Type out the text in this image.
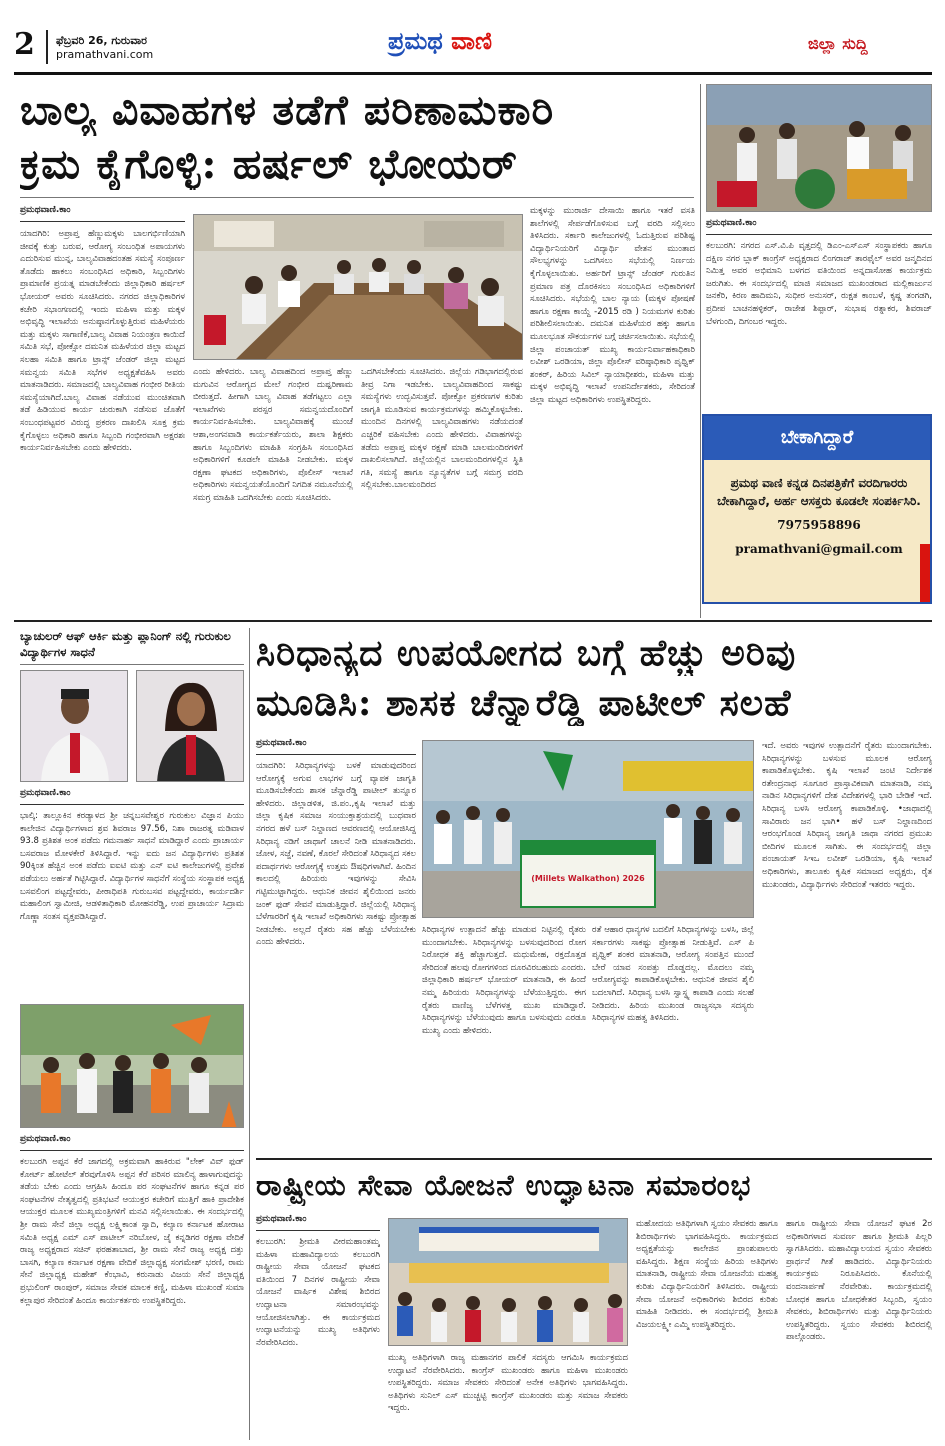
2 ಫೆಬ್ರವರಿ 26, ಗುರುವಾರ
pramathvani.com	ಪ್ರಮಥ ವಾಣಿ	ಜಿಲ್ಲಾ ಸುದ್ದಿ
ಬಾಲ್ಯ ವಿವಾಹಗಳ ತಡೆಗೆ ಪರಿಣಾಮಕಾರಿ
ಕ್ರಮ ಕೈಗೊಳ್ಳಿ: ಹರ್ಷಲ್ ಭೋಯರ್
ಪ್ರಮಥವಾಣಿ.ಕಾಂ
ಯಾದಗಿರಿ: ಅಪ್ರಾಪ್ತ ಹೆಣ್ಣುಮಕ್ಕಳು ಬಾಲಗರ್ಭಿಣಿಯಾಗಿ ಜೀವಕ್ಕೆ ಕುತ್ತು ಬರುವ, ಆರೋಗ್ಯ ಸಂಬಂಧಿತ ಅಪಾಯಗಳು ಎದುರಿಸುವ ಮುನ್ನ, ಬಾಲ್ಯವಿವಾಹದಂತಹ ಸಮಸ್ಯೆ ಸಂಪೂರ್ಣ ತೊಡೆದು ಹಾಕಲು ಸಂಬಂಧಿಸಿದ ಅಧಿಕಾರಿ, ಸಿಬ್ಬಂದಿಗಳು ಪ್ರಾಮಾಣಿಕ ಪ್ರಯತ್ನ ಮಾಡಬೇಕೆಂದು ಜಿಲ್ಲಾಧಿಕಾರಿ ಹರ್ಷಲ್ ಭೋಯರ್ ಅವರು ಸೂಚಿಸಿದರು. ನಗರದ ಜಿಲ್ಲಾಧಿಕಾರಿಗಳ ಕಚೇರಿ ಸಭಾಂಗಣದಲ್ಲಿ ಇಂದು ಮಹಿಳಾ ಮತ್ತು ಮಕ್ಕಳ ಅಭಿವೃದ್ಧಿ ಇಲಾಖೆಯ ಅನುಷ್ಠಾನಗೊಳ್ಳುತ್ತಿರುವ ಮಹಿಳೆಯರು ಮತ್ತು ಮಕ್ಕಳು ಸಾಗಾಣಿಕೆ,ಬಾಲ್ಯ ವಿವಾಹ ನಿಯಂತ್ರಣ ಕಾಯಿದೆ ಸಮಿತಿ ಸಭೆ, ಪೋಕ್ಸೋ ದಮನಿತ ಮಹಿಳೆಯರ ಜಿಲ್ಲಾ ಮಟ್ಟದ ಸಲಹಾ ಸಮಿತಿ ಹಾಗೂ ಟ್ರಾನ್ಸ್ ಜೆಂಡರ್ ಜಿಲ್ಲಾ ಮಟ್ಟದ ಸಮನ್ವಯ ಸಮಿತಿ ಸಭೆಗಳ ಅಧ್ಯಕ್ಷತೆವಹಿಸಿ ಅವರು ಮಾತನಾಡಿದರು. ಸಮಾಜದಲ್ಲಿ ಬಾಲ್ಯವಿವಾಹ ಗಂಭೀರ ರೀತಿಯ ಸಮಸ್ಯೆಯಾಗಿದೆ.ಬಾಲ್ಯ ವಿವಾಹ ನಡೆಯುವ ಮುಂಚಿತವಾಗಿ ತಡೆ ಹಿಡಿಯುವ ಕಾರ್ಯ ಚುರುಕಾಗಿ ನಡೆಸುವ ಜೊತೆಗೆ ಸಂಬಂಧಪಟ್ಟವರ ವಿರುದ್ಧ ಪ್ರಕರಣ ದಾಖಲಿಸಿ ಸೂಕ್ತ ಕ್ರಮ ಕೈಗೊಳ್ಳಲು ಅಧಿಕಾರಿ ಹಾಗೂ ಸಿಬ್ಬಂದಿ ಗಂಭೀರವಾಗಿ ಅಕ್ಷರಶಃ ಕಾರ್ಯನಿರ್ವಹಿಸಬೇಕು ಎಂದು ಹೇಳಿದರು.
ಎಂದು ಹೇಳಿದರು. ಬಾಲ್ಯ ವಿವಾಹದಿಂದ ಅಪ್ರಾಪ್ತ ಹೆಣ್ಣು ಮಗುವಿನ ಆರೋಗ್ಯದ ಮೇಲೆ ಗಂಭೀರ ದುಷ್ಪರಿಣಾಮ ಬೀರುತ್ತದೆ. ಹೀಗಾಗಿ ಬಾಲ್ಯ ವಿವಾಹ ತಡೆಗಟ್ಟಲು ಎಲ್ಲಾ ಇಲಾಖೆಗಳು ಪರಸ್ಪರ ಸಮನ್ವಯದೊಂದಿಗೆ ಕಾರ್ಯನಿರ್ವಹಿಸಬೇಕು. ಬಾಲ್ಯವಿವಾಹಕ್ಕೆ ಮುಂಚೆ ಆಶಾ,ಅಂಗನವಾಡಿ ಕಾರ್ಯಕರ್ತೆಯರು, ಶಾಲಾ ಶಿಕ್ಷಕರು ಹಾಗೂ ಸಿಬ್ಬಂದಿಗಳು ಮಾಹಿತಿ ಸಂಗ್ರಹಿಸಿ ಸಂಬಂಧಿಸಿದ ಅಧಿಕಾರಿಗಳಿಗೆ ಕೂಡಲೇ ಮಾಹಿತಿ ನೀಡಬೇಕು. ಮಕ್ಕಳ ರಕ್ಷಣಾ ಘಟಕದ ಅಧಿಕಾರಿಗಳು, ಪೊಲೀಸ್ ಇಲಾಖೆ ಅಧಿಕಾರಿಗಳು ಸಮನ್ವಯತೆಯೊಂದಿಗೆ ನಿಗದಿತ ನಮೂನೆಯಲ್ಲಿ ಸಮಗ್ರ ಮಾಹಿತಿ ಒದಗಿಸಬೇಕು ಎಂದು ಸೂಚಿಸಿದರು.
ಒದಗಿಸಬೇಕೆಂದು ಸೂಚಿಸಿದರು. ಜಿಲ್ಲೆಯ ಗಡಿಭಾಗದಲ್ಲಿರುವ ತೀವ್ರ ನಿಗಾ ಇಡಬೇಕು. ಬಾಲ್ಯವಿವಾಹದಿಂದ ಸಾಕಷ್ಟು ಸಮಸ್ಯೆಗಳು ಉದ್ಭವಿಸುತ್ತವೆ. ಪೋಕ್ಸೋ ಪ್ರಕರಣಗಳ ಕುರಿತು ಜಾಗೃತಿ ಮೂಡಿಸುವ ಕಾರ್ಯಕ್ರಮಗಳನ್ನು ಹಮ್ಮಿಕೊಳ್ಳಬೇಕು. ಮುಂದಿನ ದಿನಗಳಲ್ಲಿ ಬಾಲ್ಯವಿವಾಹಗಳು ನಡೆಯದಂತೆ ಎಚ್ಚರಿಕೆ ವಹಿಸಬೇಕು ಎಂದು ಹೇಳಿದರು. ವಿವಾಹಗಳನ್ನು ತಡೆದು ಅಪ್ರಾಪ್ತ ಮಕ್ಕಳ ರಕ್ಷಣೆ ಮಾಡಿ ಬಾಲಮಂದಿರಗಳಿಗೆ ದಾಖಲಿಸಲಾಗಿದೆ. ಜಿಲ್ಲೆಯಲ್ಲಿನ ಬಾಲಮಂದಿರಗಳಲ್ಲಿನ ಸ್ಥಿತಿ ಗತಿ, ಸಮಸ್ಯೆ ಹಾಗೂ ನ್ಯೂನ್ಯತೆಗಳ ಬಗ್ಗೆ ಸಮಗ್ರ ವರದಿ ಸಲ್ಲಿಸಬೇಕು.ಬಾಲಮಂದಿರದ
ಮಕ್ಕಳನ್ನು ಮುರಾರ್ಜಿ ದೇಸಾಯಿ ಹಾಗೂ ಇತರೆ ವಸತಿ ಶಾಲೆಗಳಲ್ಲಿ ಸೇರ್ಪಡೆಗೊಳಿಸುವ ಬಗ್ಗೆ ವರದಿ ಸಲ್ಲಿಸಲು ತಿಳಿಸಿದರು. ಸರ್ಕಾರಿ ಕಾಲೇಜುಗಳಲ್ಲಿ ಓದುತ್ತಿರುವ ಪರಿಶಿಷ್ಟ ವಿದ್ಯಾರ್ಥಿನಿಯರಿಗೆ ವಿದ್ಯಾರ್ಥಿ ವೇತನ ಮುಂತಾದ ಸೌಲಭ್ಯಗಳನ್ನು ಒದಗಿಸಲು ಸಭೆಯಲ್ಲಿ ನಿರ್ಣಯ ಕೈಗೊಳ್ಳಲಾಯಿತು. ಅರ್ಹರಿಗೆ ಟ್ರಾನ್ಸ್ ಜೆಂಡರ್ ಗುರುತಿನ ಪ್ರಮಾಣ ಪತ್ರ ದೊರಕಿಸಲು ಸಂಬಂಧಿಸಿದ ಅಧಿಕಾರಿಗಳಿಗೆ ಸೂಚಿಸಿದರು. ಸಭೆಯಲ್ಲಿ ಬಾಲ ನ್ಯಾಯ (ಮಕ್ಕಳ ಪೋಷಣೆ ಹಾಗೂ ರಕ್ಷಣಾ ಕಾಯ್ದೆ -2015 ರಡಿ ) ನಿಯಮಗಳ ಕುರಿತು ಪರಿಶೀಲಿಸಲಾಯಿತು. ದಮನಿತ ಮಹಿಳೆಯರ ಹಕ್ಕು ಹಾಗೂ ಮೂಲಭೂತ ಸೌಕರ್ಯಗಳ ಬಗ್ಗೆ ಚರ್ಚಿಸಲಾಯಿತು. ಸಭೆಯಲ್ಲಿ ಜಿಲ್ಲಾ ಪಂಚಾಯತ್ ಮುಖ್ಯ ಕಾರ್ಯನಿರ್ವಾಹಕಾಧಿಕಾರಿ ಲವೀಶ್ ಒರಡಿಯಾ, ಜಿಲ್ಲಾ ಪೊಲೀಸ್ ವರಿಷ್ಠಾಧಿಕಾರಿ ಪೃಥ್ವಿಕ್ ಶಂಕರ್, ಹಿರಿಯ ಸಿವಿಲ್ ನ್ಯಾಯಾಧೀಶರು, ಮಹಿಳಾ ಮತ್ತು ಮಕ್ಕಳ ಅಭಿವೃದ್ಧಿ ಇಲಾಖೆ ಉಪನಿರ್ದೇಶಕರು, ಸೇರಿದಂತೆ ಜಿಲ್ಲಾ ಮಟ್ಟದ ಅಧಿಕಾರಿಗಳು ಉಪಸ್ಥಿತರಿದ್ದರು.
ಪ್ರಮಥವಾಣಿ.ಕಾಂ
ಕಲಬುರಗಿ: ನಗರದ ಎಸ್.ವಿ.ಪಿ ವೃತ್ತದಲ್ಲಿ ಡಿಎಂ-ಎಸ್‌ಎಸ್ ಸಂಸ್ಥಾಪಕರು ಹಾಗೂ ದಕ್ಷಿಣ ನಗರ ಬ್ಲಾಕ್ ಕಾಂಗ್ರೆಸ್ ಅಧ್ಯಕ್ಷರಾದ ಲಿಂಗರಾಜ್ ತಾರಫೈಲ್ ಅವರ ಜನ್ಮದಿನದ ನಿಮಿತ್ತ ಅವರ ಅಭಿಮಾನಿ ಬಳಗದ ವತಿಯಿಂದ ಅನ್ನದಾಸೋಹ ಕಾರ್ಯಕ್ರಮ ಜರುಗಿತು. ಈ ಸಂದರ್ಭದಲ್ಲಿ ಮಾಜಿ ಸಮಾಜದ ಮುಖಂಡರಾದ ಮಲ್ಲಿಕಾರ್ಜುನ ಜನಕೆರಿ, ಕಿರಣ ಹಾದಿಮನಿ, ಸುಧೀರ ಅನುಸರ್, ರುಕ್ಷತ ಕಾಂಬಳೆ, ಕೃಷ್ಣ ತಂಗಡಗಿ, ಪ್ರದೀಪ ಬಾಚನಹಳ್ಳಿಕರ್, ರಾಜೇಶ ಶಿಪ್ಪಾರ್, ಸುಭಾಷ ರತ್ನಾಕರ, ಶಿವರಾಜ್ ಬೆಳಗುಂದಿ, ದಿಗಂಬರ ಇದ್ದರು.
ಬೇಕಾಗಿದ್ದಾರೆ
ಪ್ರಮಥ ವಾಣಿ ಕನ್ನಡ ದಿನಪತ್ರಿಕೆಗೆ ವರದಿಗಾರರು ಬೇಕಾಗಿದ್ದಾರೆ, ಅರ್ಹ ಆಸಕ್ತರು ಕೂಡಲೇ ಸಂಪರ್ಕಿಸಿರಿ.
7975958896
pramathvani@gmail.com
ಬ್ಯಾಚುಲರ್ ಆಫ್ ಆರ್ಕಿ ಮತ್ತು ಪ್ಲಾನಿಂಗ್ ನಲ್ಲಿ ಗುರುಕುಲ ವಿದ್ಯಾರ್ಥಿಗಳ ಸಾಧನೆ
ಪ್ರಮಥವಾಣಿ.ಕಾಂ
ಭಾಲ್ಕಿ: ತಾಲ್ಲೂಕಿನ ಕರಡ್ಯಾಳದ ಶ್ರೀ ಚನ್ನಬಸವೇಶ್ವರ ಗುರುಕುಲ ವಿಜ್ಞಾನ ಪಿಯು ಕಾಲೇಜಿನ ವಿದ್ಯಾರ್ಥಿಗಳಾದ ಶ್ರವ ಶಿವರಾಜ 97.56, ನಿಶಾ ರಾಜರತ್ನ ಮಡಿವಾಳ 93.8 ಪ್ರತಿಶತ ಅಂಕ ಪಡೆದು ಗಮನಾರ್ಹ ಸಾಧನೆ ಮಾಡಿದ್ದಾರೆ ಎಂದು ಪ್ರಾಚಾರ್ಯ ಬಸವರಾಜ ಮೋಳಕೇರೆ ತಿಳಿಸಿದ್ದಾರೆ. ಇನ್ನು ಐದು ಜನ ವಿದ್ಯಾರ್ಥಿಗಳು ಪ್ರತಿಶತ 90ಕ್ಕಿಂತ ಹೆಚ್ಚಿನ ಅಂಕ ಪಡೆದು ಐಐಟಿ ಮತ್ತು ಎನ್ ಐಟಿ ಕಾಲೇಜುಗಳಲ್ಲಿ ಪ್ರವೇಶ ಪಡೆಯಲು ಅರ್ಹತೆ ಗಿಟ್ಟಿಸಿದ್ದಾರೆ. ವಿದ್ಯಾರ್ಥಿಗಳ ಸಾಧನೆಗೆ ಸಂಸ್ಥೆಯ ಸಂಸ್ಥಾಪಕ ಅಧ್ಯಕ್ಷ ಬಸವಲಿಂಗ ಪಟ್ಟದ್ದೇವರು, ಪೀಠಾಧಿಪತಿ ಗುರುಬಸವ ಪಟ್ಟದ್ದೇವರು, ಕಾರ್ಯದರ್ಶಿ ಮಹಾಲಿಂಗ ಸ್ವಾಮೀಜಿ, ಆಡಳಿತಾಧಿಕಾರಿ ಮೋಹನರೆಡ್ಡಿ, ಉಪ ಪ್ರಾಚಾರ್ಯ ಸಿದ್ರಾಮ ಗೊಣ್ಣಾ ಸಂತಸ ವ್ಯಕ್ತಪಡಿಸಿದ್ದಾರೆ.
ಪ್ರಮಥವಾಣಿ.ಕಾಂ
ಕಲಬುರಗಿ ಅಪ್ಪನ ಕೆರೆ ಜಾಗದಲ್ಲಿ ಅಕ್ರಮವಾಗಿ ಹಾಕಿರುವ "ಲೇಕ್ ವಿವ್ ಫುಡ್ ಕೋರ್ಟ್ ಹೋಟೆಲ್ ತೆರವುಗೊಳಿಸಿ ಅಪ್ಪನ ಕೆರೆ ಪರಿಸರ ಮಾಲಿನ್ಯ ಹಾಳಾಗುವುದನ್ನು ತಡೆಯ ಬೇಕು ಎಂದು ಆಗ್ರಹಿಸಿ ಹಿಂದೂ ಪರ ಸಂಘಟನೆಗಳ ಹಾಗೂ ಕನ್ನಡ ಪರ ಸಂಘಟನೆಗಳ ನೇತೃತ್ವದಲ್ಲಿ ಪ್ರತಿಭಟನೆ ಆಯುಕ್ತರ ಕಚೇರಿಗೆ ಮುತ್ತಿಗೆ ಹಾಕಿ ಪ್ರಾದೇಶಿಕ ಆಯುಕ್ತರ ಮೂಲಕ ಮುಖ್ಯಮಂತ್ರಿಗಳಿಗೆ ಮನವಿ ಸಲ್ಲಿಸಲಾಯಿತು. ಈ ಸಂದರ್ಭದಲ್ಲಿ ಶ್ರೀ ರಾಮ ಸೇನೆ ಜಿಲ್ಲಾ ಅಧ್ಯಕ್ಷ ಲಕ್ಷ್ಮಿಕಾಂತ ಸ್ವಾದಿ, ಕಲ್ಯಾಣ ಕರ್ನಾಟಕ ಹೋರಾಟ ಸಮಿತಿ ಅಧ್ಯಕ್ಷ ಎಮ್ ಎಸ್ ಪಾಟೀಲ್ ನರಿಬೋಳ, ಜೈ ಕನ್ನಡಿಗರ ರಕ್ಷಣಾ ವೇದಿಕೆ ರಾಜ್ಯ ಅಧ್ಯಕ್ಷರಾದ ಸಚಿನ್ ಫರಹತಾಬಾದ, ಶ್ರೀ ರಾಮ ಸೇನೆ ರಾಜ್ಯ ಅಧ್ಯಕ್ಷ ದತ್ತು ಬಾಸಗಿ, ಕಲ್ಯಾಣ ಕರ್ನಾಟಕ ರಕ್ಷಣಾ ವೇದಿಕೆ ಜಿಲ್ಲಾಧ್ಯಕ್ಷ ಸಂಗಮೇಶ್ ಭರಣಿ, ರಾಮ ಸೇನೆ ಜಿಲ್ಲಾಧ್ಯಕ್ಷ ಮಹೇಶ್ ಕೆಂಭಾವಿ, ಕರುನಾಡು ವಿಜಯ ಸೇನೆ ಜಿಲ್ಲಾಧ್ಯಕ್ಷ ಪ್ರಭುಲಿಂಗ್ ರಾಂಪುರ್, ಸಮಾಜ ಸೇವಕ ಮಾಲಕ ಕಣ್ಣಿ, ಮಹಿಳಾ ಮುಖಂಡೆ ಸುಮಾ ಕಲ್ಲಾಪುರ ಸೇರಿದಂತೆ ಹಿಂದೂ ಕಾರ್ಯಕರ್ತರು ಉಪಸ್ಥಿತರಿದ್ದರು.
ಸಿರಿಧಾನ್ಯದ ಉಪಯೋಗದ ಬಗ್ಗೆ ಹೆಚ್ಚು ಅರಿವು
ಮೂಡಿಸಿ: ಶಾಸಕ ಚೆನ್ನಾರೆಡ್ಡಿ ಪಾಟೀಲ್ ಸಲಹೆ
ಪ್ರಮಥವಾಣಿ.ಕಾಂ
ಯಾದಗಿರಿ: ಸಿರಿಧಾನ್ಯಗಳನ್ನು ಬಳಕೆ ಮಾಡುವುದರಿಂದ ಆರೋಗ್ಯಕ್ಕೆ ಅಗುವ ಲಾಭಗಳ ಬಗ್ಗೆ ವ್ಯಾಪಕ ಜಾಗೃತಿ ಮೂಡಿಸಬೇಕೆಂದು ಶಾಸಕ ಚೆನ್ನಾರೆಡ್ಡಿ ಪಾಟೀಲ್ ತುನ್ನೂರ ಹೇಳಿದರು. ಜಿಲ್ಲಾಡಳಿತ, ಜಿ.ಪಂ.,ಕೃಷಿ ಇಲಾಖೆ ಮತ್ತು ಜಿಲ್ಲಾ ಕೃಷಿಕ ಸಮಾಜ ಸಂಯುಕ್ತಾಶ್ರಯದಲ್ಲಿ ಬುಧವಾರ ನಗರದ ಹಳೆ ಬಸ್ ನಿಲ್ದಾಣದ ಆವರಣದಲ್ಲಿ ಆಯೋಜಿಸಿದ್ದ ಸಿರಿಧಾನ್ಯ ನಡಿಗೆ ಜಾಥಾಗೆ ಚಾಲನೆ ನೀಡಿ ಮಾತನಾಡಿದರು. ಜೋಳ, ಸಜ್ಜೆ, ನವಣೆ, ಕೊರಲೆ ಸೇರಿದಂತೆ ಸಿರಿಧಾನ್ಯದ ಸಕಲ ಪದಾರ್ಥಗಳು ಆರೋಗ್ಯಕ್ಕೆ ಉತ್ತಮ ಔಷಧಿಗಳಾಗಿವೆ. ಹಿಂದಿನ ಕಾಲದಲ್ಲಿ ಹಿರಿಯರು ಇವುಗಳನ್ನು ಸೇವಿಸಿ ಗಟ್ಟಿಮುಟ್ಟಾಗಿದ್ದರು. ಆಧುನಿಕ ಜೀವನ ಶೈಲಿಯಿಂದ ಜನರು ಜಂಕ್ ಫುಡ್ ಸೇವನೆ ಮಾಡುತ್ತಿದ್ದಾರೆ. ಜಿಲ್ಲೆಯಲ್ಲಿ ಸಿರಿಧಾನ್ಯ ಬೆಳೆಗಾರರಿಗೆ ಕೃಷಿ ಇಲಾಖೆ ಅಧಿಕಾರಿಗಳು ಸಾಕಷ್ಟು ಪ್ರೋತ್ಸಾಹ ನೀಡಬೇಕು. ಅಲ್ಲದೆ ರೈತರು ಸಹ ಹೆಚ್ಚು ಬೆಳೆಯಬೇಕು ಎಂದು ಹೇಳಿದರು.
(Millets Walkathon) 2026
ಸಿರಿಧಾನ್ಯಗಳ ಉತ್ಪಾದನೆ ಹೆಚ್ಚು ಮಾಡುವ ನಿಟ್ಟಿನಲ್ಲಿ ರೈತರು ಮುಂದಾಗಬೇಕು. ಸಿರಿಧಾನ್ಯಗಳನ್ನು ಬಳಸುವುದರಿಂದ ರೋಗ ನಿರೋಧಕ ಶಕ್ತಿ ಹೆಚ್ಚಾಗುತ್ತದೆ. ಮಧುಮೇಹ, ರಕ್ತದೊತ್ತಡ ಸೇರಿದಂತೆ ಹಲವು ರೋಗಗಳಿಂದ ದೂರವಿರಬಹುದು ಎಂದರು. ಜಿಲ್ಲಾಧಿಕಾರಿ ಹರ್ಷಲ್ ಭೋಯರ್ ಮಾತನಾಡಿ, ಈ ಹಿಂದೆ ನಮ್ಮ ಹಿರಿಯರು ಸಿರಿಧಾನ್ಯಗಳನ್ನು ಬೆಳೆಯುತ್ತಿದ್ದರು. ಈಗ ರೈತರು ವಾಣಿಜ್ಯ ಬೆಳೆಗಳತ್ತ ಮುಖ ಮಾಡಿದ್ದಾರೆ. ಸಿರಿಧಾನ್ಯಗಳನ್ನು ಬೆಳೆಯುವುದು ಹಾಗೂ ಬಳಸುವುದು ಎರಡೂ ಮುಖ್ಯ ಎಂದು ಹೇಳಿದರು.
ರತೆ ಆಹಾರ ಧಾನ್ಯಗಳ ಬದಲಿಗೆ ಸಿರಿಧಾನ್ಯಗಳನ್ನು ಬಳಸಿ, ಜಿಲ್ಲೆ ಸರ್ಕಾರಗಳು ಸಾಕಷ್ಟು ಪ್ರೋತ್ಸಾಹ ನೀಡುತ್ತಿವೆ. ಎಸ್ ಪಿ ಪೃಥ್ವಿಕ್ ಶಂಕರ ಮಾತನಾಡಿ, ಆರೋಗ್ಯ ಸಂಪತ್ತಿನ ಮುಂದೆ ಬೇರೆ ಯಾವ ಸಂಪತ್ತು ದೊಡ್ಡದಲ್ಲ. ಮೊದಲು ನಮ್ಮ ಆರೋಗ್ಯವನ್ನು ಕಾಪಾಡಿಕೊಳ್ಳಬೇಕು. ಆಧುನಿಕ ಜೀವನ ಶೈಲಿ ಬದಲಾಗಿದೆ. ಸಿರಿಧಾನ್ಯ ಬಳಸಿ ಸ್ವಾಸ್ಥ್ಯ ಕಾಪಾಡಿ ಎಂದು ಸಲಹೆ ನೀಡಿದರು. ಹಿರಿಯ ಮುಖಂಡ ರಾಜ್ಯಸಭಾ ಸದಸ್ಯರು ಸಿರಿಧಾನ್ಯಗಳ ಮಹತ್ವ ತಿಳಿಸಿದರು.
ಇದೆ. ಅವರು ಇವುಗಳ ಉತ್ಪಾದನೆಗೆ ರೈತರು ಮುಂದಾಗಬೇಕು. ಸಿರಿಧಾನ್ಯಗಳನ್ನು ಬಳಸುವ ಮೂಲಕ ಆರೋಗ್ಯ ಕಾಪಾಡಿಕೊಳ್ಳಬೇಕು. ಕೃಷಿ ಇಲಾಖೆ ಜಂಟಿ ನಿರ್ದೇಶಕ ರತೇಂದ್ರನಾಥ ಸೂಗೂರ ಪ್ರಾಸ್ತಾವಿಕವಾಗಿ ಮಾತನಾಡಿ, ನಮ್ಮ ನಾಡಿನ ಸಿರಿಧಾನ್ಯಗಳಿಗೆ ದೇಶ ವಿದೇಶಗಳಲ್ಲಿ ಭಾರಿ ಬೇಡಿಕೆ ಇದೆ. ಸಿರಿಧಾನ್ಯ ಬಳಸಿ ಆರೋಗ್ಯ ಕಾಪಾಡಿಕೊಳ್ಳಿ. •ಜಾಥಾದಲ್ಲಿ ಸಾವಿರಾರು ಜನ ಭಾಗಿ• ಹಳೆ ಬಸ್ ನಿಲ್ದಾಣದಿಂದ ಆರಂಭಗೊಂಡ ಸಿರಿಧಾನ್ಯ ಜಾಗೃತಿ ಜಾಥಾ ನಗರದ ಪ್ರಮುಖ ಬೀದಿಗಳ ಮೂಲಕ ಸಾಗಿತು. ಈ ಸಂದರ್ಭದಲ್ಲಿ ಜಿಲ್ಲಾ ಪಂಚಾಯತ್ ಸಿಇಒ ಲವೀಶ್ ಒರಡಿಯಾ, ಕೃಷಿ ಇಲಾಖೆ ಅಧಿಕಾರಿಗಳು, ತಾಲೂಕು ಕೃಷಿಕ ಸಮಾಜದ ಅಧ್ಯಕ್ಷರು, ರೈತ ಮುಖಂಡರು, ವಿದ್ಯಾರ್ಥಿಗಳು ಸೇರಿದಂತೆ ಇತರರು ಇದ್ದರು.
ರಾಷ್ಟ್ರೀಯ ಸೇವಾ ಯೋಜನೆ ಉದ್ಘಾಟನಾ ಸಮಾರಂಭ
ಪ್ರಮಥವಾಣಿ.ಕಾಂ
ಕಲಬುರಗಿ: ಶ್ರೀಮತಿ ವೀರಮಹಾಂತಮ್ಮ ಮಹಿಳಾ ಮಹಾವಿದ್ಯಾಲಯ ಕಲಬುರಗಿ ರಾಷ್ಟ್ರೀಯ ಸೇವಾ ಯೋಜನೆ ಘಟಕದ ವತಿಯಿಂದ 7 ದಿನಗಳ ರಾಷ್ಟ್ರೀಯ ಸೇವಾ ಯೋಜನೆ ವಾರ್ಷಿಕ ವಿಶೇಷ ಶಿಬಿರದ ಉದ್ಘಾಟನಾ ಸಮಾರಂಭವನ್ನು ಆಯೋಜಿಸಲಾಗಿತ್ತು. ಈ ಕಾರ್ಯಕ್ರಮದ ಉದ್ಘಾಟನೆಯನ್ನು ಮುಖ್ಯ ಅತಿಥಿಗಳು ನೆರವೇರಿಸಿದರು.
ಮುಖ್ಯ ಅತಿಥಿಗಳಾಗಿ ರಾಜ್ಯ ಮಹಾನಗರ ಪಾಲಿಕೆ ಸದಸ್ಯರು ಆಗಮಿಸಿ ಕಾರ್ಯಕ್ರಮದ ಉದ್ಘಾಟನೆ ನೆರವೇರಿಸಿದರು. ಕಾಂಗ್ರೆಸ್ ಮುಖಂಡರು ಹಾಗೂ ಮಹಿಳಾ ಮುಖಂಡರು ಉಪಸ್ಥಿತರಿದ್ದರು. ಸಮಾಜ ಸೇವಕರು ಸೇರಿದಂತೆ ಅನೇಕ ಅತಿಥಿಗಳು ಭಾಗವಹಿಸಿದ್ದರು. ಅತಿಥಿಗಳು ಸುನಿಲ್ ಎಸ್ ಮುಚ್ಚಟ್ಟಿ ಕಾಂಗ್ರೆಸ್ ಮುಖಂಡರು ಮತ್ತು ಸಮಾಜ ಸೇವಕರು ಇದ್ದರು.
ಮಹೋದಯ ಅತಿಥಿಗಳಾಗಿ ಸ್ವಯಂ ಸೇವಕರು ಹಾಗೂ ಶಿಬಿರಾರ್ಥಿಗಳು ಭಾಗವಹಿಸಿದ್ದರು. ಕಾರ್ಯಕ್ರಮದ ಅಧ್ಯಕ್ಷತೆಯನ್ನು ಕಾಲೇಜಿನ ಪ್ರಾಂಶುಪಾಲರು ವಹಿಸಿದ್ದರು. ಶಿಕ್ಷಣ ಸಂಸ್ಥೆಯ ಹಿರಿಯ ಅತಿಥಿಗಳು ಮಾತನಾಡಿ, ರಾಷ್ಟ್ರೀಯ ಸೇವಾ ಯೋಜನೆಯ ಮಹತ್ವ ಕುರಿತು ವಿದ್ಯಾರ್ಥಿನಿಯರಿಗೆ ತಿಳಿಸಿದರು. ರಾಷ್ಟ್ರೀಯ ಸೇವಾ ಯೋಜನೆ ಅಧಿಕಾರಿಗಳು ಶಿಬಿರದ ಕುರಿತು ಮಾಹಿತಿ ನೀಡಿದರು. ಈ ಸಂದರ್ಭದಲ್ಲಿ ಶ್ರೀಮತಿ ವಿಜಯಲಕ್ಷ್ಮೀ ಎಮ್ಮಿ ಉಪಸ್ಥಿತರಿದ್ದರು.
ಹಾಗೂ ರಾಷ್ಟ್ರೀಯ ಸೇವಾ ಯೋಜನೆ ಘಟಕ 2ರ ಅಧಿಕಾರಿಗಳಾದ ಸುವರ್ಣ ಹಾಗೂ ಶ್ರೀಮತಿ ಪಿಲ್ಲರಿ ಸ್ವಾಗತಿಸಿದರು. ಮಹಾವಿದ್ಯಾಲಯದ ಸ್ವಯಂ ಸೇವಕರು ಪ್ರಾರ್ಥನೆ ಗೀತೆ ಹಾಡಿದರು. ವಿದ್ಯಾರ್ಥಿನಿಯರು ಕಾರ್ಯಕ್ರಮ ನಿರೂಪಿಸಿದರು. ಕೊನೆಯಲ್ಲಿ ವಂದನಾರ್ಪಣೆ ನೆರವೇರಿತು. ಕಾರ್ಯಕ್ರಮದಲ್ಲಿ ಬೋಧಕ ಹಾಗೂ ಬೋಧಕೇತರ ಸಿಬ್ಬಂದಿ, ಸ್ವಯಂ ಸೇವಕರು, ಶಿಬಿರಾರ್ಥಿಗಳು ಮತ್ತು ವಿದ್ಯಾರ್ಥಿನಿಯರು ಉಪಸ್ಥಿತರಿದ್ದರು. ಸ್ವಯಂ ಸೇವಕರು ಶಿಬಿರದಲ್ಲಿ ಪಾಲ್ಗೊಂಡರು.
